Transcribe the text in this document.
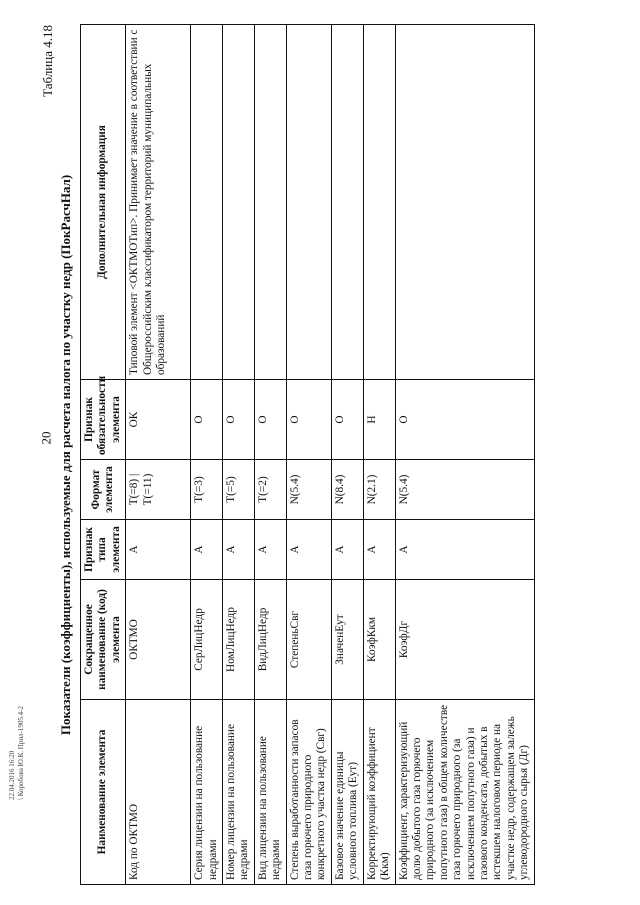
20
22.04.2016 16:20 \ Коробова Ю.К. Прил-1905.4-2
Таблица 4.18
Показатели (коэффициенты), используемые для расчета налога по участку недр (ПокРасчНал)
Наименование элемента	Сокращенное наименование (код) элемента	Признак типа элемента	Формат элемента	Признак обязательности элемента	Дополнительная информация
Код по ОКТМО	ОКТМО	А	T(=8) | T(=11)	ОК	Типовой элемент <ОКТМОТип>. Принимает значение в соответствии с Общероссийским классификатором территорий муниципальных образований
Серия лицензии на пользование недрами	СерЛицНедр	А	T(=3)	О	
Номер лицензии на пользование недрами	НомЛицНедр	А	T(=5)	О	
Вид лицензии на пользование недрами	ВидЛицНедр	А	T(=2)	О	
Степень выработанности запасов газа горючего природного конкретного участка недр (Свг)	СтепеньСвг	А	N(5.4)	О	
Базовое значение единицы условного топлива (Еут)	ЗначенЕут	А	N(8.4)	О	
Корректирующий коэффициент (Ккм)	КоэфКкм	А	N(2.1)	Н	
Коэффициент, характеризующий долю добытого газа горючего природного (за исключением попутного газа) в общем количестве газа горючего природного (за исключением попутного газа) и газового конденсата, добытых в истекшем налоговом периоде на участке недр, содержащем залежь углеводородного сырья (Дг)	КоэфДг	А	N(5.4)	О	
